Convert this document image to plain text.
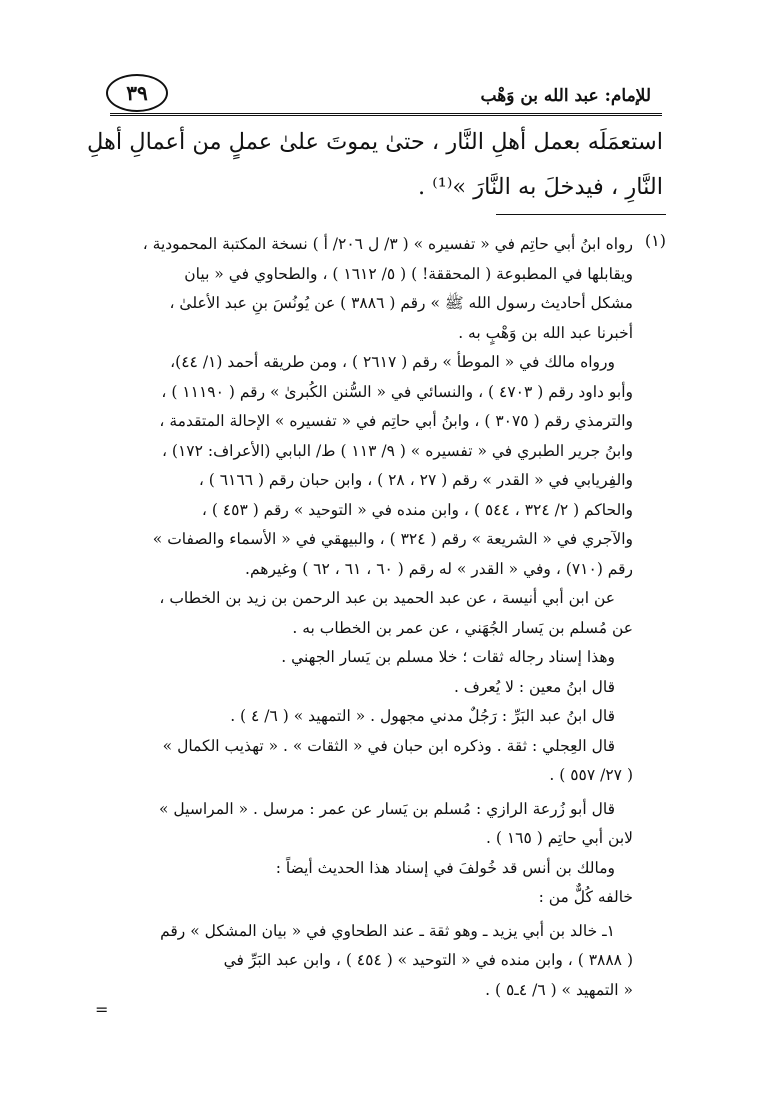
للإمام: عبد الله بن وَهْب
٣٩
استعمَلَه بعمل أهلِ النَّار ، حتىٰ يموتَ علىٰ عملٍ من أعمالِ أهلِ
النَّارِ ، فيدخلَ به النَّارَ »⁽¹⁾ .
(١)
رواه ابنُ أبي حاتِم في « تفسيره » ( ٣/ ل ٢٠٦/ أ ) نسخة المكتبة المحمودية ،
ويقابلها في المطبوعة ( المحققة! ) ( ٥/ ١٦١٢ ) ، والطحاوي في « بيان
مشكل أحاديث رسول الله ﷺ » رقم ( ٣٨٨٦ ) عن يُونُسَ بنِ عبد الأعلىٰ ،
أخبرنا عبد الله بن وَهْبٍ به .
ورواه مالك في « الموطأ » رقم ( ٢٦١٧ ) ، ومن طريقه أحمد (١/ ٤٤)،
وأبو داود رقم ( ٤٧٠٣ ) ، والنسائي في « السُّنن الكُبرىٰ » رقم ( ١١١٩٠ ) ،
والترمذي رقم ( ٣٠٧٥ ) ، وابنُ أبي حاتِم في « تفسيره » الإحالة المتقدمة ،
وابنُ جرير الطبري في « تفسيره » ( ٩/ ١١٣ ) ط/ البابي (الأعراف: ١٧٢) ،
والفِريابي في « القدر » رقم ( ٢٧ ، ٢٨ ) ، وابن حبان رقم ( ٦١٦٦ ) ،
والحاكم ( ٢/ ٣٢٤ ، ٥٤٤ ) ، وابن منده في « التوحيد » رقم ( ٤٥٣ ) ،
والآجري في « الشريعة » رقم ( ٣٢٤ ) ، والبيهقي في « الأسماء والصفات »
رقم (٧١٠) ، وفي « القدر » له رقم ( ٦٠ ، ٦١ ، ٦٢ ) وغيرهم.
عن ابن أبي أنيسة ، عن عبد الحميد بن عبد الرحمن بن زيد بن الخطاب ،
عن مُسلم بن يَسار الجُهَني ، عن عمر بن الخطاب به .
وهذا إسناد رجاله ثقات ؛ خلا مسلم بن يَسار الجهني .
قال ابنُ معين : لا يُعرف .
قال ابنُ عبد البَرِّ : رَجُلٌ مدني مجهول . « التمهيد » ( ٦/ ٤ ) .
قال العِجلي : ثقة . وذكره ابن حبان في « الثقات » . « تهذيب الكمال »
( ٢٧/ ٥٥٧ ) .
قال أبو زُرعة الرازي : مُسلم بن يَسار عن عمر : مرسل . « المراسيل »
لابن أبي حاتِم ( ١٦٥ ) .
ومالك بن أنس قد خُولفَ في إسناد هذا الحديث أيضاً :
خالفه كُلٌّ من :
١ـ خالد بن أبي يزيد ـ وهو ثقة ـ عند الطحاوي في « بيان المشكل » رقم
( ٣٨٨٨ ) ، وابن منده في « التوحيد » ( ٤٥٤ ) ، وابن عبد البَرِّ في
« التمهيد » ( ٦/ ٤ـ٥ ) .
=
